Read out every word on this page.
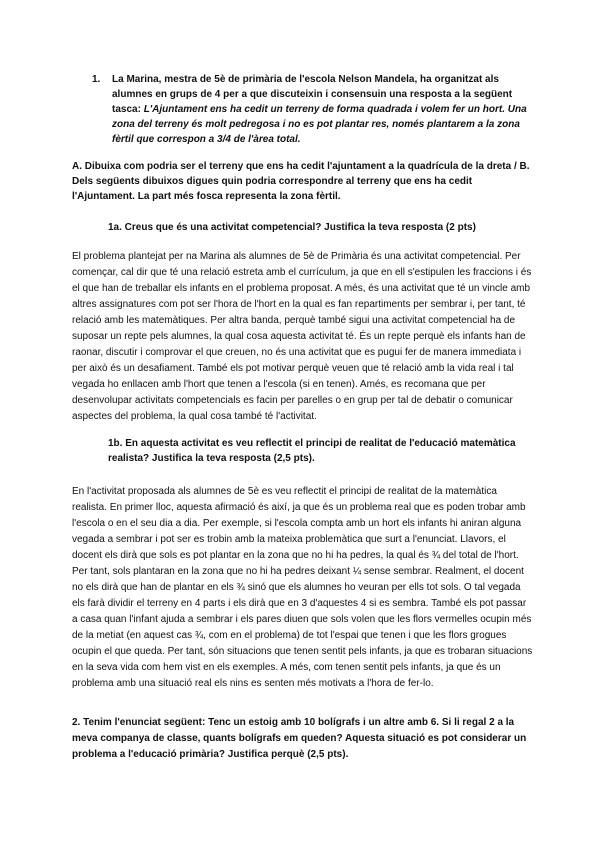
1. La Marina, mestra de 5è de primària de l'escola Nelson Mandela, ha organitzat als alumnes en grups de 4 per a que discuteixin i consensuin una resposta a la següent tasca: L'Ajuntament ens ha cedit un terreny de forma quadrada i volem fer un hort. Una zona del terreny és molt pedregosa i no es pot plantar res, només plantarem a la zona fèrtil que correspon a 3/4 de l'àrea total.
A. Dibuixa com podria ser el terreny que ens ha cedit l'ajuntament a la quadrícula de la dreta / B. Dels següents dibuixos digues quin podria correspondre al terreny que ens ha cedit l'Ajuntament. La part més fosca representa la zona fèrtil.
1a. Creus que és una activitat competencial? Justifica la teva resposta (2 pts)
El problema plantejat per na Marina als alumnes de 5è de Primària és una activitat competencial. Per començar, cal dir que té una relació estreta amb el currículum, ja que en ell s'estipulen les fraccions i és el que han de treballar els infants en el problema proposat. A més, és una activitat que té un vincle amb altres assignatures com pot ser l'hora de l'hort en la qual es fan repartiments per sembrar i, per tant, té relació amb les matemàtiques. Per altra banda, perquè també sigui una activitat competencial ha de suposar un repte pels alumnes, la qual cosa aquesta activitat té. És un repte perquè els infants han de raonar, discutir i comprovar el que creuen, no és una activitat que es pugui fer de manera immediata i per això és un desafiament. També els pot motivar perquè veuen que té relació amb la vida real i tal vegada ho enllacen amb l'hort que tenen a l'escola (si en tenen). Amés, es recomana que per desenvolupar activitats competencials es facin per parelles o en grup per tal de debatir o comunicar aspectes del problema, la qual cosa també té l'activitat.
1b. En aquesta activitat es veu reflectit el principi de realitat de l'educació matemàtica realista? Justifica la teva resposta (2,5 pts).
En l'activitat proposada als alumnes de 5è es veu reflectit el principi de realitat de la matemàtica realista. En primer lloc, aquesta afirmació és així, ja que és un problema real que es poden trobar amb l'escola o en el seu dia a dia. Per exemple, si l'escola compta amb un hort els infants hi aniran alguna vegada a sembrar i pot ser es trobin amb la mateixa problemàtica que surt a l'enunciat. Llavors, el docent els dirà que sols es pot plantar en la zona que no hi ha pedres, la qual és ¾ del total de l'hort. Per tant, sols plantaran en la zona que no hi ha pedres deixant ¼ sense sembrar. Realment, el docent no els dirà que han de plantar en els ¾ sinó que els alumnes ho veuran per ells tot sols. O tal vegada els farà dividir el terreny en 4 parts i els dirà que en 3 d'aquestes 4 si es sembra. També els pot passar a casa quan l'infant ajuda a sembrar i els pares diuen que sols volen que les flors vermelles ocupin més de la metiat (en aquest cas ¾, com en el problema) de tot l'espai que tenen i que les flors grogues ocupin el que queda. Per tant, són situacions que tenen sentit pels infants, ja que es trobaran situacions en la seva vida com hem vist en els exemples. A més, com tenen sentit pels infants, ja que és un problema amb una situació real els nins es senten més motivats a l'hora de fer-lo.
2. Tenim l'enunciat següent: Tenc un estoig amb 10 bolígrafs i un altre amb 6. Si li regal 2 a la meva companya de classe, quants bolígrafs em queden? Aquesta situació es pot considerar un problema a l'educació primària? Justifica perquè (2,5 pts).
